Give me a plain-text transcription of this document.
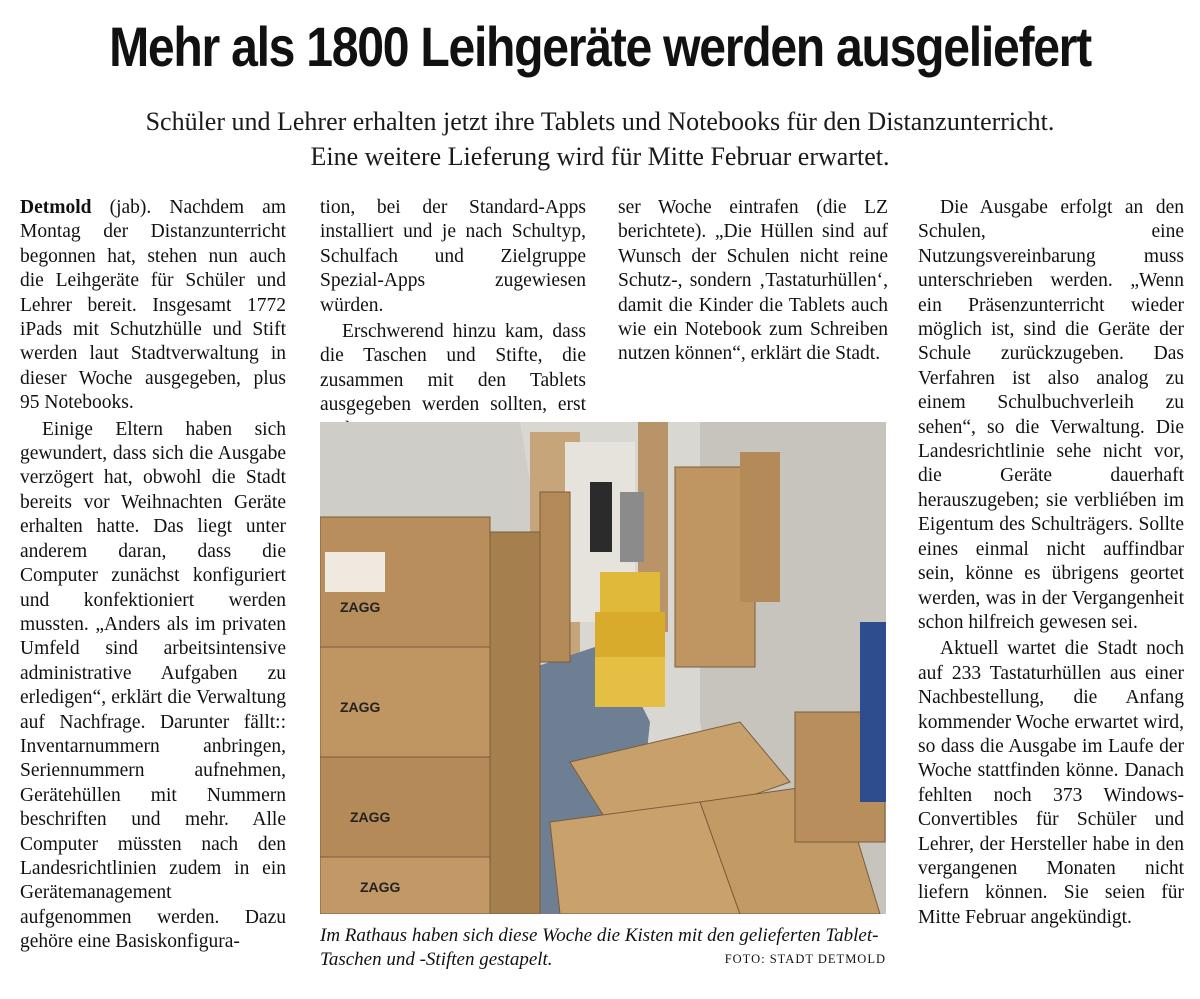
Mehr als 1800 Leihgeräte werden ausgeliefert
Schüler und Lehrer erhalten jetzt ihre Tablets und Notebooks für den Distanzunterricht.
Eine weitere Lieferung wird für Mitte Februar erwartet.

Detmold (jab). Nachdem am Montag der Distanzunterricht begonnen hat, stehen nun auch die Leihgeräte für Schüler und Lehrer bereit. Insgesamt 1772 iPads mit Schutzhülle und Stift werden laut Stadtverwaltung in dieser Woche ausgegeben, plus 95 Notebooks.

Einige Eltern haben sich gewundert, dass sich die Ausgabe verzögert hat, obwohl die Stadt bereits vor Weihnachten Geräte erhalten hatte. Das liegt unter anderem daran, dass die Computer zunächst konfiguriert und konfektioniert werden mussten. „Anders als im privaten Umfeld sind arbeitsintensive administrative Aufgaben zu erledigen“, erklärt die Verwaltung auf Nachfrage. Darunter fällt:: Inventarnummern anbringen, Seriennummern aufnehmen, Gerätehüllen mit Nummern beschriften und mehr. Alle Computer müssten nach den Landesrichtlinien zudem in ein Gerätemanagement aufgenommen werden. Dazu gehöre eine Basiskonfigura-

tion, bei der Standard-Apps installiert und je nach Schultyp, Schulfach und Zielgruppe Spezial-Apps zugewiesen würden.

Erschwerend hinzu kam, dass die Taschen und Stifte, die zusammen mit den Tablets ausgegeben werden sollten, erst

ser Woche eintrafen (die LZ berichtete). „Die Hüllen sind auf Wunsch der Schulen nicht reine Schutz-, sondern ‚Tastaturhüllen‘, damit die Kinder die Tablets auch wie ein Notebook zum Schreiben nutzen können“, erklärt die Stadt.

Die Ausgabe erfolgt an den Schulen, eine Nutzungsvereinbarung muss unterschrieben werden. „Wenn ein Präsenzunterricht wieder möglich ist, sind die Geräte der Schule zurückzugeben. Das Verfahren ist also analog zu einem Schulbuchverleih zu sehen“, so die Verwaltung. Die Landesrichtlinie sehe nicht vor, die Geräte dauerhaft herauszugeben; sie verbliében im Eigentum des Schulträgers. Sollte eines einmal nicht auffindbar sein, könne es übrigens geortet werden, was in der Vergangenheit schon hilfreich gewesen sei.

Aktuell wartet die Stadt noch auf 233 Tastaturhüllen aus einer Nachbestellung, die Anfang kommender Woche erwartet wird, so dass die Ausgabe im Laufe der Woche stattfinden könne. Danach fehlten noch 373 Windows-Convertibles für Schüler und Lehrer, der Hersteller habe in den vergangenen Monaten nicht liefern können. Sie seien für Mitte Februar angekündigt.

ZAGG
ZAGG
ZAGG
ZAGG
Im Rathaus haben sich diese Woche die Kisten mit den gelieferten Tablet-Taschen und -Stiften gestapelt.	FOTO: STADT DETMOLD
